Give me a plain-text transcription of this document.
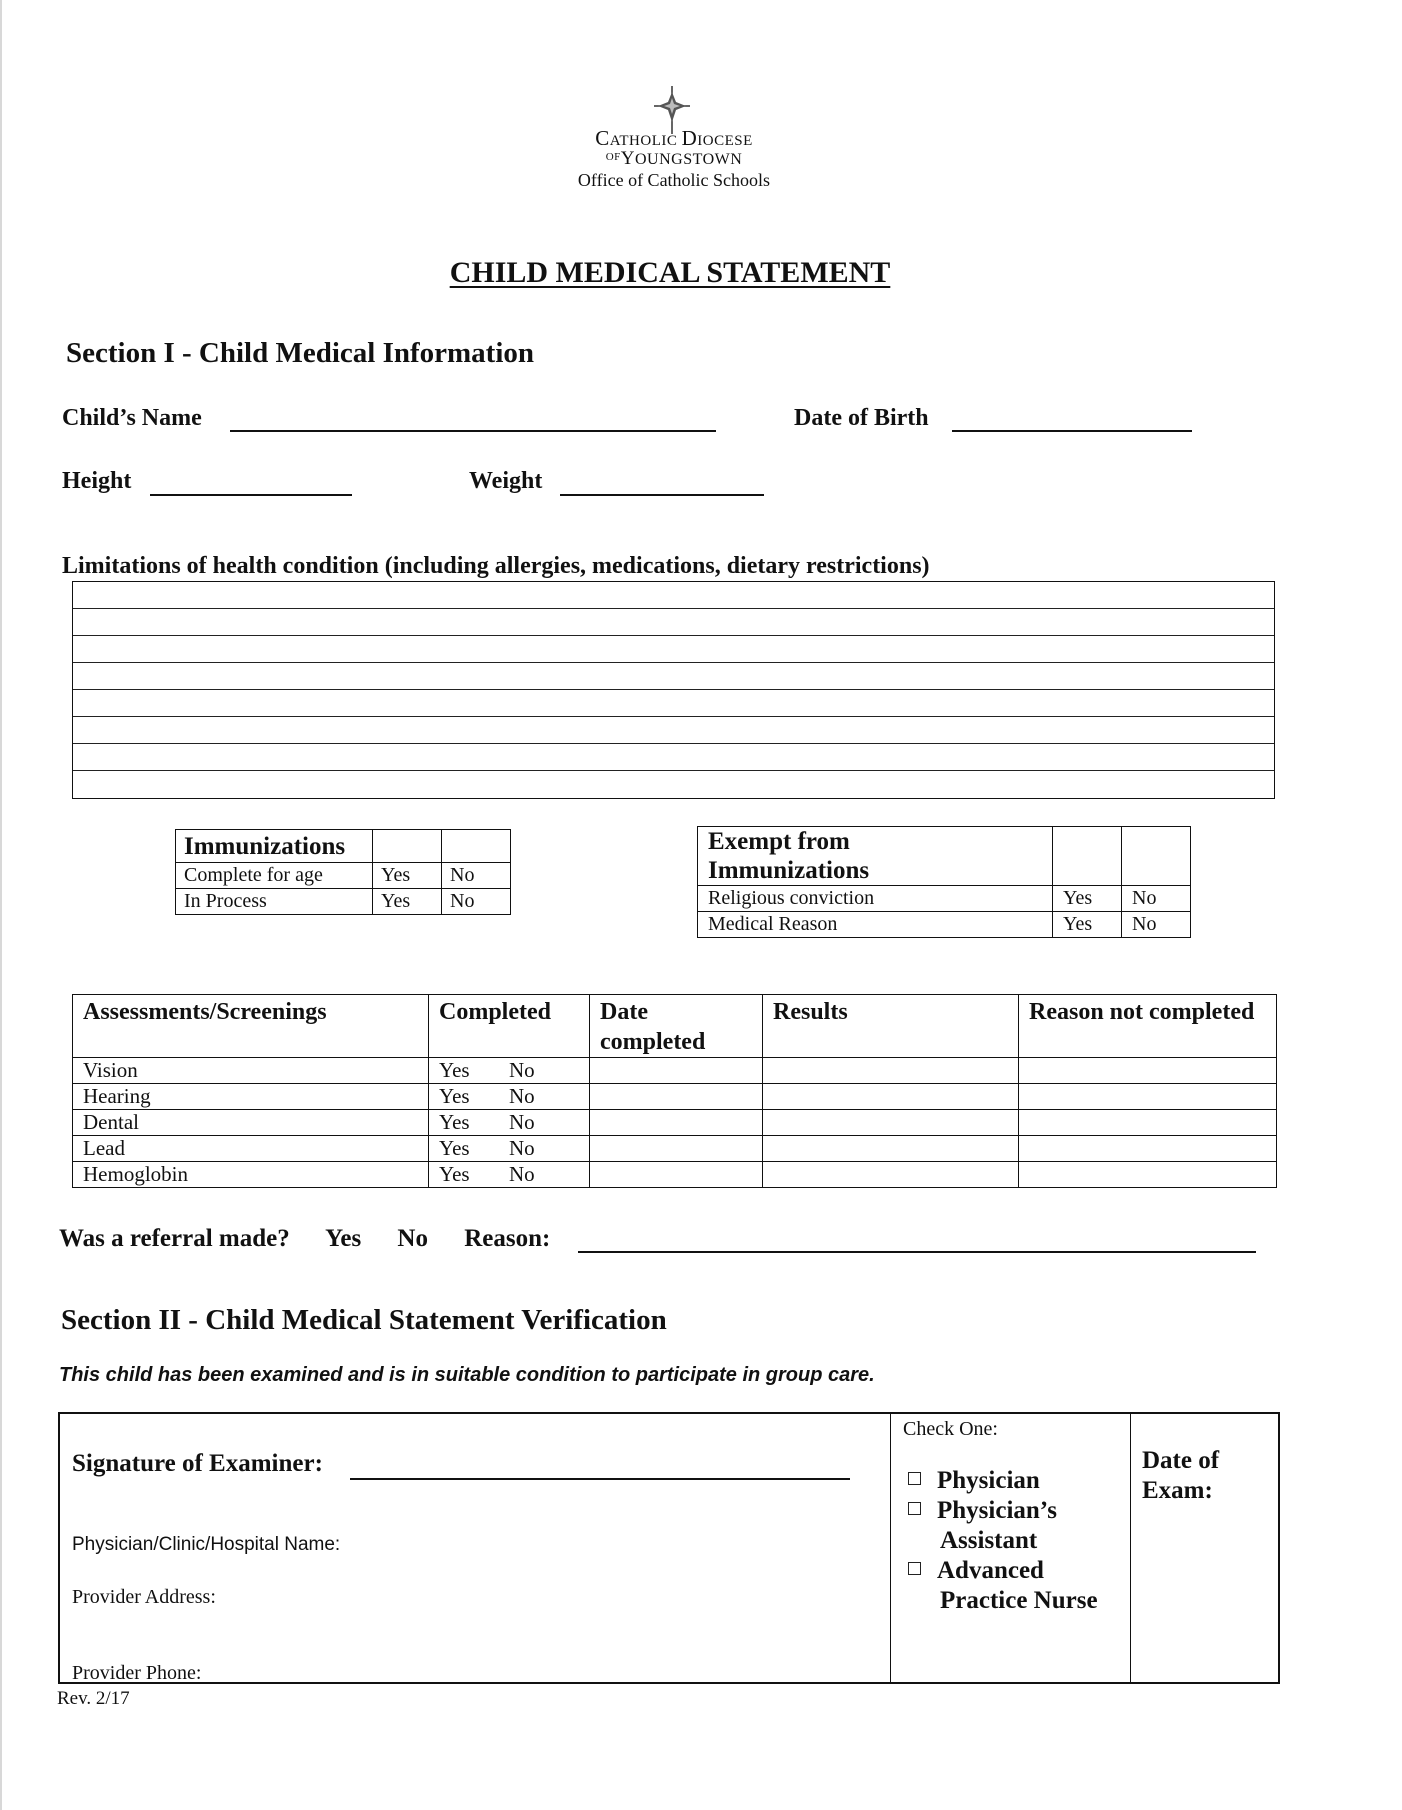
CATHOLIC DIOCESE
$^{OF}$YOUNGSTOWN
Office of Catholic Schools
CHILD MEDICAL STATEMENT
Section I - Child Medical Information
Child’s Name	Date of Birth
Height	Weight
Limitations of health condition (including allergies, medications, dietary restrictions)
Immunizations		
Complete for age	Yes	No
In Process	Yes	No
Exempt from
Immunizations		
Religious conviction	Yes	No
Medical Reason	Yes	No
Assessments/Screenings	Completed	Date completed	Results	Reason not completed
Vision	Yes No			
Hearing	Yes No			
Dental	Yes No			
Lead	Yes No			
Hemoglobin	Yes No			
Was a referral made? Yes No Reason:
Section II - Child Medical Statement Verification
This child has been examined and is in suitable condition to participate in group care.
Signature of Examiner:
Physician/Clinic/Hospital Name:
Provider Address:
Provider Phone:
Check One:
Physician
Physician’s
Assistant
Advanced
Practice Nurse
Date of
Exam:
Rev. 2/17
